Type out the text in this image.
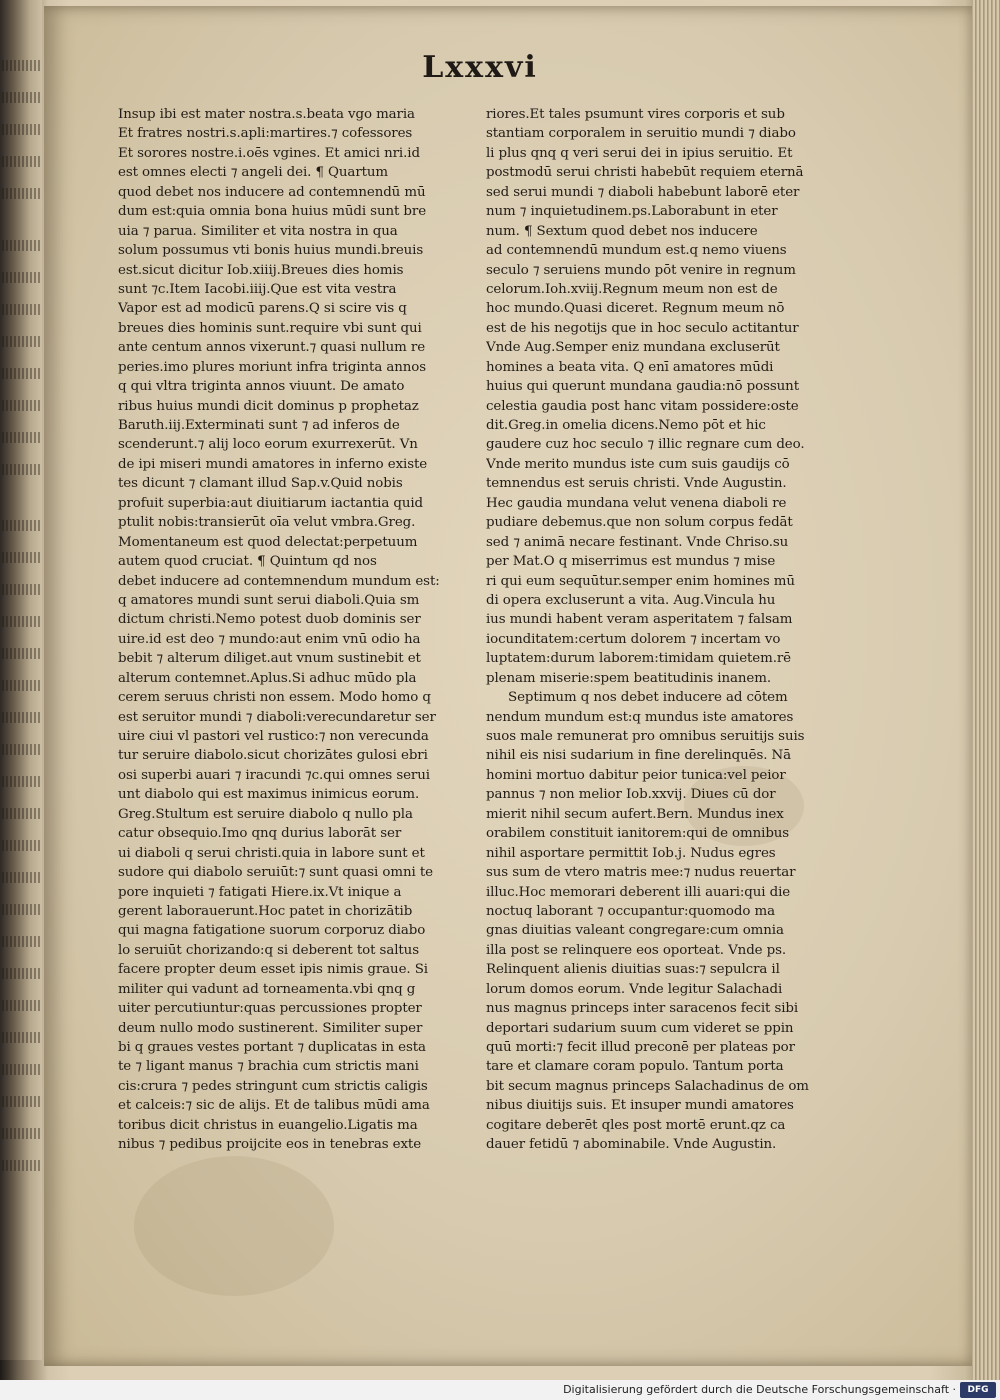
Lxxxvi
Insup ibi est mater nostra.s.beata vgo maria
Et fratres nostri.s.apli:martires.⁊ cofessores
Et sorores nostre.i.oēs vgines. Et amici nri.id
est omnes electi ⁊ angeli dei. ¶ Quartum
quod debet nos inducere ad contemnendū mū
dum est:quia omnia bona huius mūdi sunt bre
uia ⁊ parua. Similiter et vita nostra in qua
solum possumus vti bonis huius mundi.breuis
est.sicut dicitur Iob.xiiij.Breues dies homis
sunt ⁊c.Item Iacobi.iiij.Que est vita vestra
Vapor est ad modicū parens.Q si scire vis q
breues dies hominis sunt.require vbi sunt qui
ante centum annos vixerunt.⁊ quasi nullum re
peries.imo plures moriunt infra triginta annos
q qui vltra triginta annos viuunt. De amato
ribus huius mundi dicit dominus p prophetaz
Baruth.iij.Exterminati sunt ⁊ ad inferos de
scenderunt.⁊ alij loco eorum exurrexerūt. Vn
de ipi miseri mundi amatores in inferno existe
tes dicunt ⁊ clamant illud Sap.v.Quid nobis
profuit superbia:aut diuitiarum iactantia quid
ptulit nobis:transierūt oīa velut vmbra.Greg.
Momentaneum est quod delectat:perpetuum
autem quod cruciat. ¶ Quintum qd nos
debet inducere ad contemnendum mundum est:
q amatores mundi sunt serui diaboli.Quia sm
dictum christi.Nemo potest duob dominis ser
uire.id est deo ⁊ mundo:aut enim vnū odio ha
bebit ⁊ alterum diliget.aut vnum sustinebit et
alterum contemnet.Aplus.Si adhuc mūdo pla
cerem seruus christi non essem. Modo homo q
est seruitor mundi ⁊ diaboli:verecundaretur ser
uire ciui vl pastori vel rustico:⁊ non verecunda
tur seruire diabolo.sicut chorizātes gulosi ebri
osi superbi auari ⁊ iracundi ⁊c.qui omnes serui
unt diabolo qui est maximus inimicus eorum.
Greg.Stultum est seruire diabolo q nullo pla
catur obsequio.Imo qnq durius laborāt ser
ui diaboli q serui christi.quia in labore sunt et
sudore qui diabolo seruiūt:⁊ sunt quasi omni te
pore inquieti ⁊ fatigati Hiere.ix.Vt inique a
gerent laborauerunt.Hoc patet in chorizātib
qui magna fatigatione suorum corporuz diabo
lo seruiūt chorizando:q si deberent tot saltus
facere propter deum esset ipis nimis graue. Si
militer qui vadunt ad torneamenta.vbi qnq g
uiter percutiuntur:quas percussiones propter
deum nullo modo sustinerent. Similiter super
bi q graues vestes portant ⁊ duplicatas in esta
te ⁊ ligant manus ⁊ brachia cum strictis mani
cis:crura ⁊ pedes stringunt cum strictis caligis
et calceis:⁊ sic de alijs. Et de talibus mūdi ama
toribus dicit christus in euangelio.Ligatis ma
nibus ⁊ pedibus proijcite eos in tenebras exte
riores.Et tales psumunt vires corporis et sub
stantiam corporalem in seruitio mundi ⁊ diabo
li plus qnq q veri serui dei in ipius seruitio. Et
postmodū serui christi habebūt requiem eternā
sed serui mundi ⁊ diaboli habebunt laborē eter
num ⁊ inquietudinem.ps.Laborabunt in eter
num. ¶ Sextum quod debet nos inducere
ad contemnendū mundum est.q nemo viuens
seculo ⁊ seruiens mundo pōt venire in regnum
celorum.Ioh.xviij.Regnum meum non est de
hoc mundo.Quasi diceret. Regnum meum nō
est de his negotijs que in hoc seculo actitantur
Vnde Aug.Semper eniz mundana excluserūt
homines a beata vita. Q enī amatores mūdi
huius qui querunt mundana gaudia:nō possunt
celestia gaudia post hanc vitam possidere:oste
dit.Greg.in omelia dicens.Nemo pōt et hic
gaudere cuz hoc seculo ⁊ illic regnare cum deo.
Vnde merito mundus iste cum suis gaudijs cō
temnendus est seruis christi. Vnde Augustin.
Hec gaudia mundana velut venena diaboli re
pudiare debemus.que non solum corpus fedāt
sed ⁊ animā necare festinant. Vnde Chriso.su
per Mat.O q miserrimus est mundus ⁊ mise
ri qui eum sequūtur.semper enim homines mū
di opera excluserunt a vita. Aug.Vincula hu
ius mundi habent veram asperitatem ⁊ falsam
iocunditatem:certum dolorem ⁊ incertam vo
luptatem:durum laborem:timidam quietem.rē
plenam miserie:spem beatitudinis inanem.
Septimum q nos debet inducere ad cōtem
nendum mundum est:q mundus iste amatores
suos male remunerat pro omnibus seruitijs suis
nihil eis nisi sudarium in fine derelinquēs. Nā
homini mortuo dabitur peior tunica:vel peior
pannus ⁊ non melior Iob.xxvij. Diues cū dor
mierit nihil secum aufert.Bern. Mundus inex
orabilem constituit ianitorem:qui de omnibus
nihil asportare permittit Iob.j. Nudus egres
sus sum de vtero matris mee:⁊ nudus reuertar
illuc.Hoc memorari deberent illi auari:qui die
noctuq laborant ⁊ occupantur:quomodo ma
gnas diuitias valeant congregare:cum omnia
illa post se relinquere eos oporteat. Vnde ps.
Relinquent alienis diuitias suas:⁊ sepulcra il
lorum domos eorum. Vnde legitur Salachadi
nus magnus princeps inter saracenos fecit sibi
deportari sudarium suum cum videret se ppin
quū morti:⁊ fecit illud preconē per plateas por
tare et clamare coram populo. Tantum porta
bit secum magnus princeps Salachadinus de om
nibus diuitijs suis. Et insuper mundi amatores
cogitare deberēt qles post mortē erunt.qz ca
dauer fetidū ⁊ abominabile. Vnde Augustin.
Digitalisierung gefördert durch die Deutsche Forschungsgemeinschaft ·	DFG
